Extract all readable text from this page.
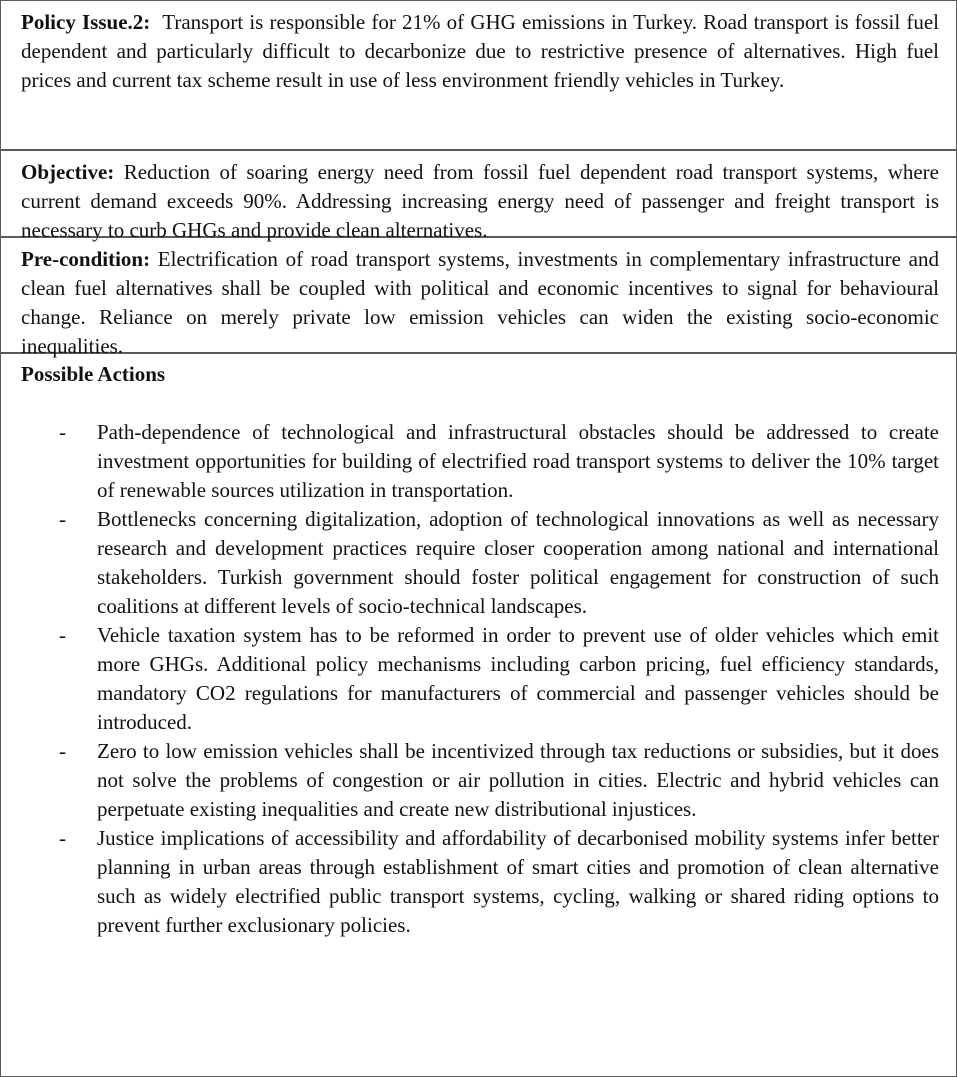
Policy Issue.2: Transport is responsible for 21% of GHG emissions in Turkey. Road transport is fossil fuel dependent and particularly difficult to decarbonize due to restrictive presence of alternatives. High fuel prices and current tax scheme result in use of less environment friendly vehicles in Turkey.

Objective: Reduction of soaring energy need from fossil fuel dependent road transport systems, where current demand exceeds 90%. Addressing increasing energy need of passenger and freight transport is necessary to curb GHGs and provide clean alternatives.

Pre-condition: Electrification of road transport systems, investments in complementary infrastructure and clean fuel alternatives shall be coupled with political and economic incentives to signal for behavioural change. Reliance on merely private low emission vehicles can widen the existing socio-economic inequalities.

Possible Actions
- Path-dependence of technological and infrastructural obstacles should be addressed to create investment opportunities for building of electrified road transport systems to deliver the 10% target of renewable sources utilization in transportation.
- Bottlenecks concerning digitalization, adoption of technological innovations as well as necessary research and development practices require closer cooperation among national and international stakeholders. Turkish government should foster political engagement for construction of such coalitions at different levels of socio-technical landscapes.
- Vehicle taxation system has to be reformed in order to prevent use of older vehicles which emit more GHGs. Additional policy mechanisms including carbon pricing, fuel efficiency standards, mandatory CO2 regulations for manufacturers of commercial and passenger vehicles should be introduced.
- Zero to low emission vehicles shall be incentivized through tax reductions or subsidies, but it does not solve the problems of congestion or air pollution in cities. Electric and hybrid vehicles can perpetuate existing inequalities and create new distributional injustices.
- Justice implications of accessibility and affordability of decarbonised mobility systems infer better planning in urban areas through establishment of smart cities and promotion of clean alternative such as widely electrified public transport systems, cycling, walking or shared riding options to prevent further exclusionary policies.
